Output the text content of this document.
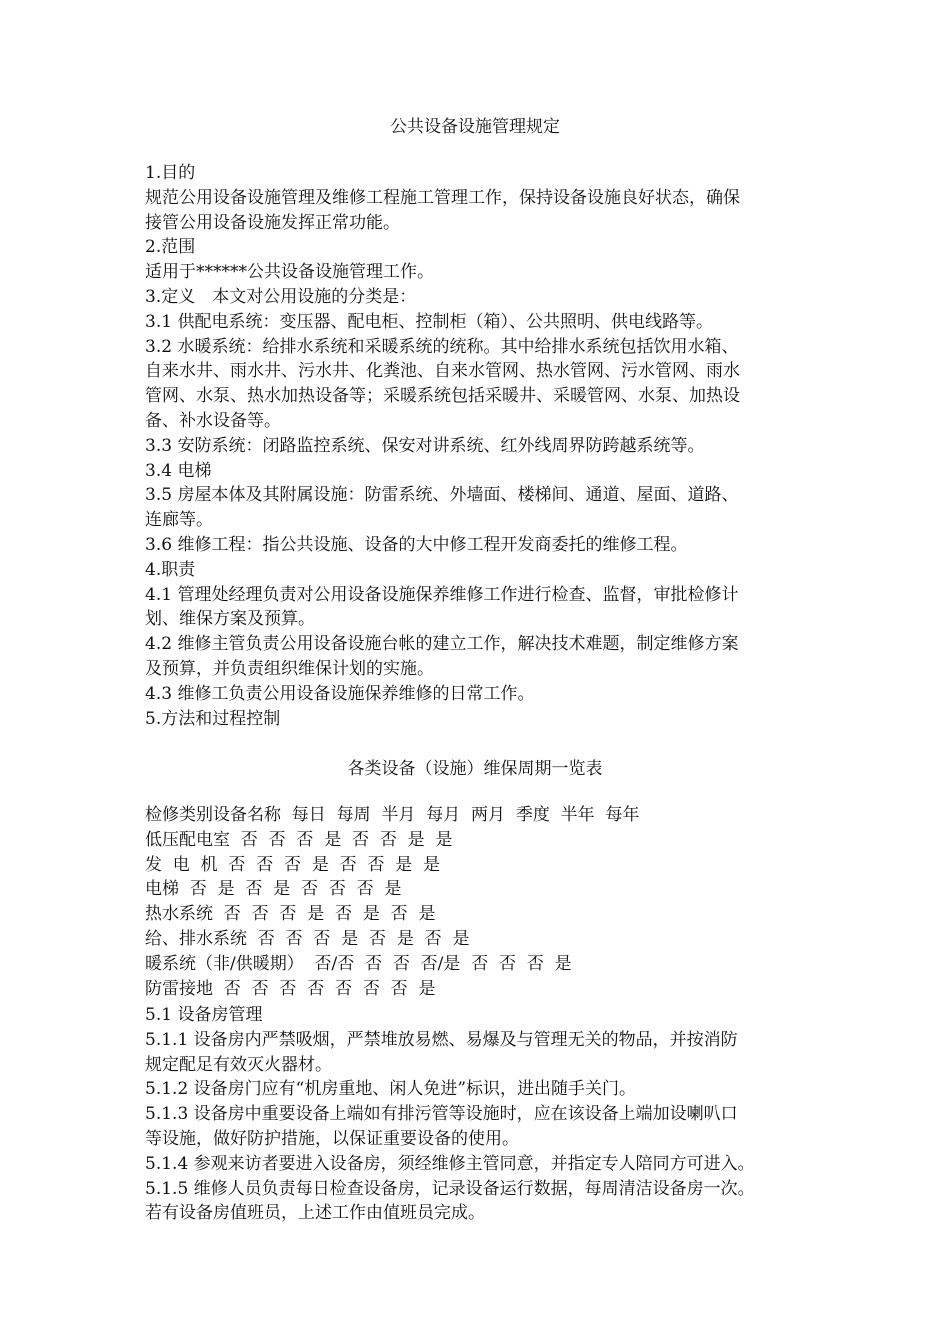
公共设备设施管理规定
1.目的
规范公用设备设施管理及维修工程施工管理工作，保持设备设施良好状态，确保
接管公用设备设施发挥正常功能。
2.范围
适用于******公共设备设施管理工作。
3.定义　本文对公用设施的分类是：
3.1 供配电系统：变压器、配电柜、控制柜（箱）、公共照明、供电线路等。
3.2 水暖系统：给排水系统和采暖系统的统称。其中给排水系统包括饮用水箱、
自来水井、雨水井、污水井、化粪池、自来水管网、热水管网、污水管网、雨水
管网、水泵、热水加热设备等；采暖系统包括采暖井、采暖管网、水泵、加热设
备、补水设备等。
3.3 安防系统：闭路监控系统、保安对讲系统、红外线周界防跨越系统等。
3.4 电梯
3.5 房屋本体及其附属设施：防雷系统、外墙面、楼梯间、通道、屋面、道路、
连廊等。
3.6 维修工程：指公共设施、设备的大中修工程开发商委托的维修工程。
4.职责
4.1 管理处经理负责对公用设备设施保养维修工作进行检查、监督，审批检修计
划、维保方案及预算。
4.2 维修主管负责公用设备设施台帐的建立工作，解决技术难题，制定维修方案
及预算，并负责组织维保计划的实施。
4.3 维修工负责公用设备设施保养维修的日常工作。
5.方法和过程控制
各类设备（设施）维保周期一览表
检修类别设备名称  每日  每周  半月  每月  两月  季度  半年  每年
低压配电室  否  否  否  是  否  否  是  是
发  电  机  否  否  否  是  否  否  是  是
电梯  否  是  否  是  否  否  否  是
热水系统  否  否  否  是  否  是  否  是
给、排水系统  否  否  否  是  否  是  否  是
暖系统（非/供暖期）  否/否  否  否  否/是  否  否  否  是
防雷接地  否  否  否  否  否  否  否  是
5.1 设备房管理
5.1.1 设备房内严禁吸烟，严禁堆放易燃、易爆及与管理无关的物品，并按消防
规定配足有效灭火器材。
5.1.2 设备房门应有“机房重地、闲人免进”标识，进出随手关门。
5.1.3 设备房中重要设备上端如有排污管等设施时，应在该设备上端加设喇叭口
等设施，做好防护措施，以保证重要设备的使用。
5.1.4 参观来访者要进入设备房，须经维修主管同意，并指定专人陪同方可进入。
5.1.5 维修人员负责每日检查设备房，记录设备运行数据，每周清洁设备房一次。
若有设备房值班员，上述工作由值班员完成。
